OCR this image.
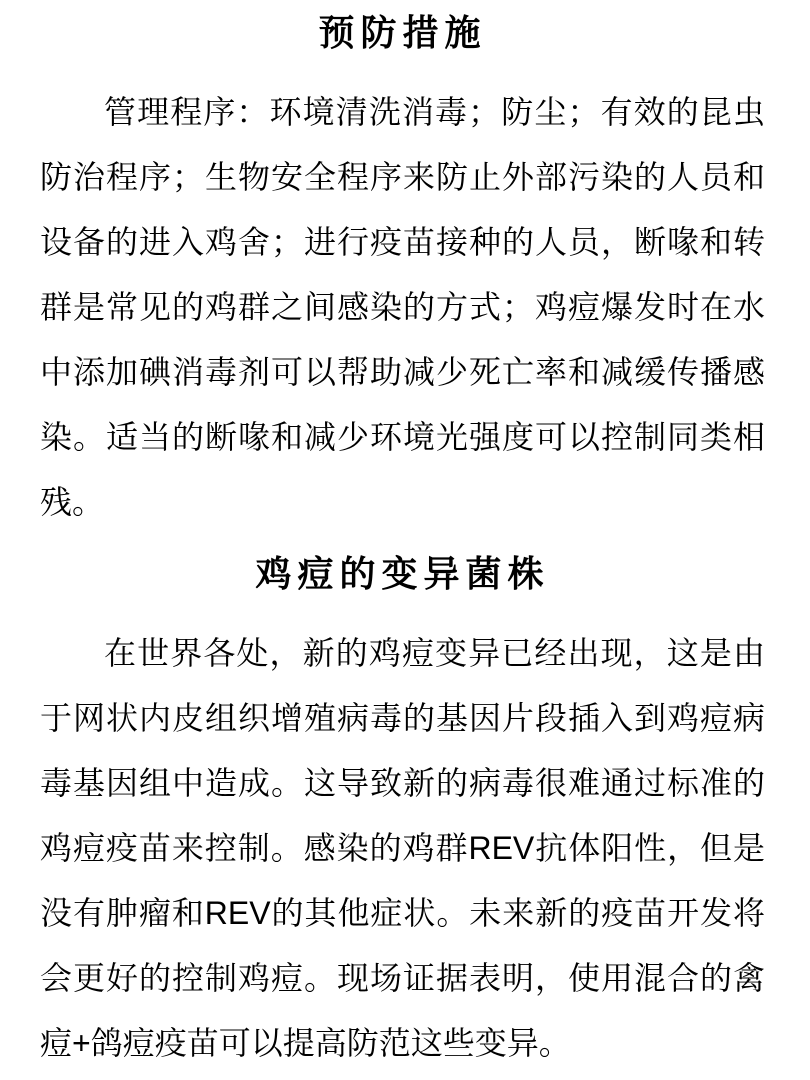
预防措施

管理程序：环境清洗消毒；防尘；有效的昆虫防治程序；生物安全程序来防止外部污染的人员和设备的进入鸡舍；进行疫苗接种的人员，断喙和转群是常见的鸡群之间感染的方式；鸡痘爆发时在水中添加碘消毒剂可以帮助减少死亡率和减缓传播感染。适当的断喙和减少环境光强度可以控制同类相残。

鸡痘的变异菌株

在世界各处，新的鸡痘变异已经出现，这是由于网状内皮组织增殖病毒的基因片段插入到鸡痘病毒基因组中造成。这导致新的病毒很难通过标准的鸡痘疫苗来控制。感染的鸡群REV抗体阳性，但是没有肿瘤和REV的其他症状。未来新的疫苗开发将会更好的控制鸡痘。现场证据表明，使用混合的禽痘+鸽痘疫苗可以提高防范这些变异。
